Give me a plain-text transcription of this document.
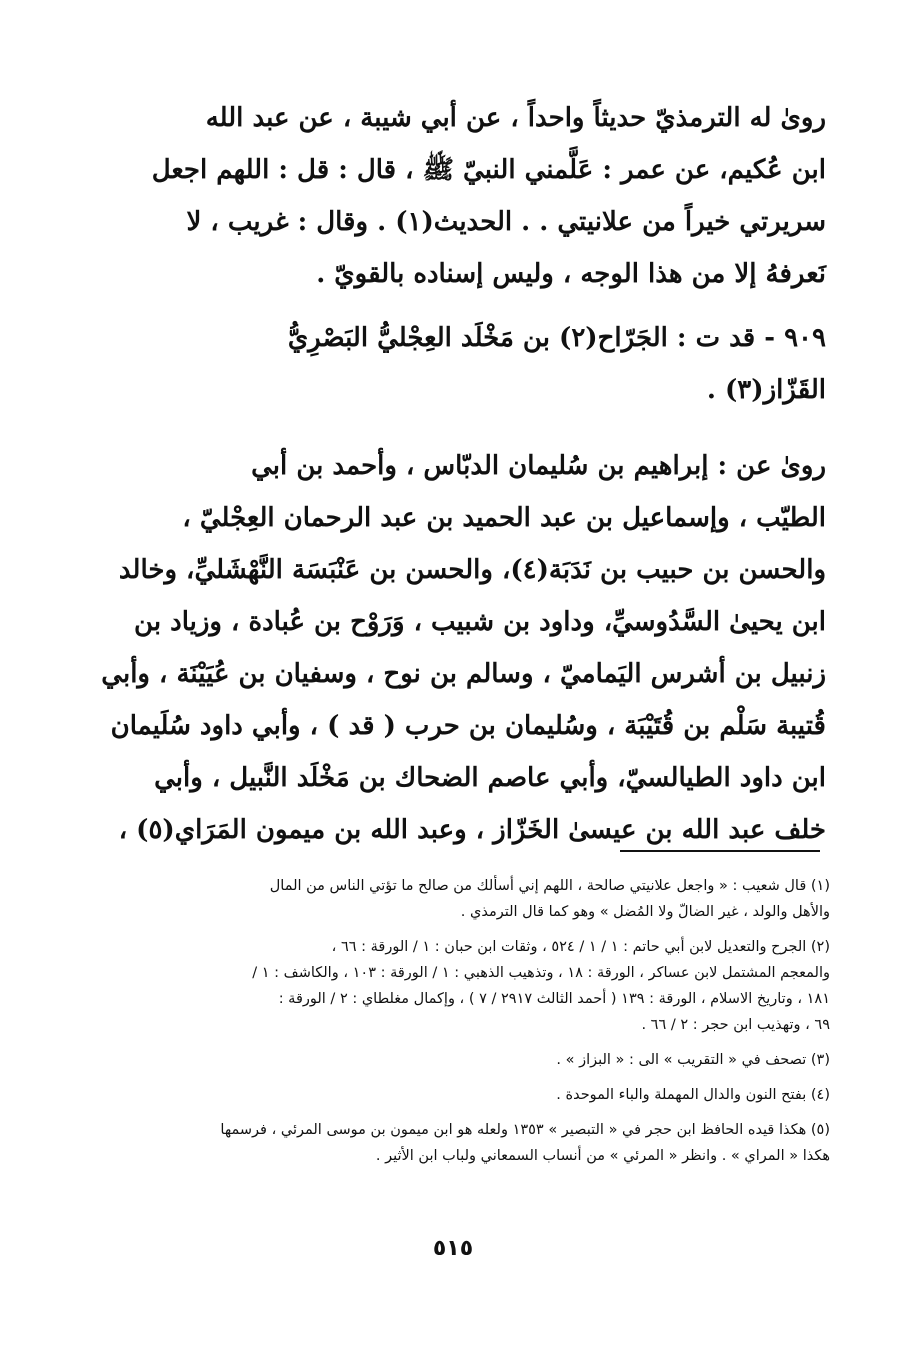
رویٰ له الترمذيّ حديثاً واحداً ، عن أبي شيبة ، عن عبد الله
ابن عُكيم، عن عمر : عَلَّمني النبيّ ﷺ ، قال : قل : اللهم اجعل
سريرتي خيراً من علانيتي . . الحديث(١) . وقال : غريب ، لا
نَعرفهُ إلا من هذا الوجه ، وليس إسناده بالقويّ .
٩٠٩ - قد ت : الجَرّاح(٢) بن مَخْلَد العِجْليُّ البَصْرِيُّ
القَزّاز(٣) .
رویٰ عن : إبراهيم بن سُليمان الدبّاس ، وأحمد بن أبي
الطيّب ، وإسماعيل بن عبد الحميد بن عبد الرحمان العِجْليّ ،
والحسن بن حبيب بن نَدَبَة(٤)، والحسن بن عَنْبَسَة النَّهْشَليِّ، وخالد
ابن يحيىٰ السَّدُوسيِّ، وداود بن شبيب ، وَرَوْح بن عُبادة ، وزياد بن
زنبيل بن أشرس اليَماميّ ، وسالم بن نوح ، وسفيان بن عُيَيْنَة ، وأبي
قُتيبة سَلْم بن قُتَيْبَة ، وسُليمان بن حرب ( قد ) ، وأبي داود سُلَيمان
ابن داود الطيالسيّ، وأبي عاصم الضحاك بن مَخْلَد النَّبيل ، وأبي
خلف عبد الله بن عيسىٰ الخَزّاز ، وعبد الله بن ميمون المَرَاي(٥) ،
(١) قال شعيب : « واجعل علانيتي صالحة ، اللهم إني أسألك من صالح ما تؤتي الناس من المال
والأهل والولد ، غير الضالّ ولا المُضل » وهو كما قال الترمذي .
(٢) الجرح والتعديل لابن أبي حاتم : ١ / ١ / ٥٢٤ ، وثقات ابن حبان : ١ / الورقة : ٦٦ ،
والمعجم المشتمل لابن عساكر ، الورقة : ١٨ ، وتذهيب الذهبي : ١ / الورقة : ١٠٣ ، والكاشف : ١ /
١٨١ ، وتاريخ الاسلام ، الورقة : ١٣٩ ( أحمد الثالث ٢٩١٧ / ٧ ) ، وإكمال مغلطاي : ٢ / الورقة :
٦٩ ، وتهذيب ابن حجر : ٢ / ٦٦ .
(٣) تصحف في « التقريب » الى : « البزاز » .
(٤) بفتح النون والدال المهملة والباء الموحدة .
(٥) هكذا قيده الحافظ ابن حجر في « التبصير » ١٣٥٣ ولعله هو ابن ميمون بن موسى المرئي ، فرسمها
هكذا « المراي » . وانظر « المرئي » من أنساب السمعاني ولباب ابن الأثير .
٥١٥
